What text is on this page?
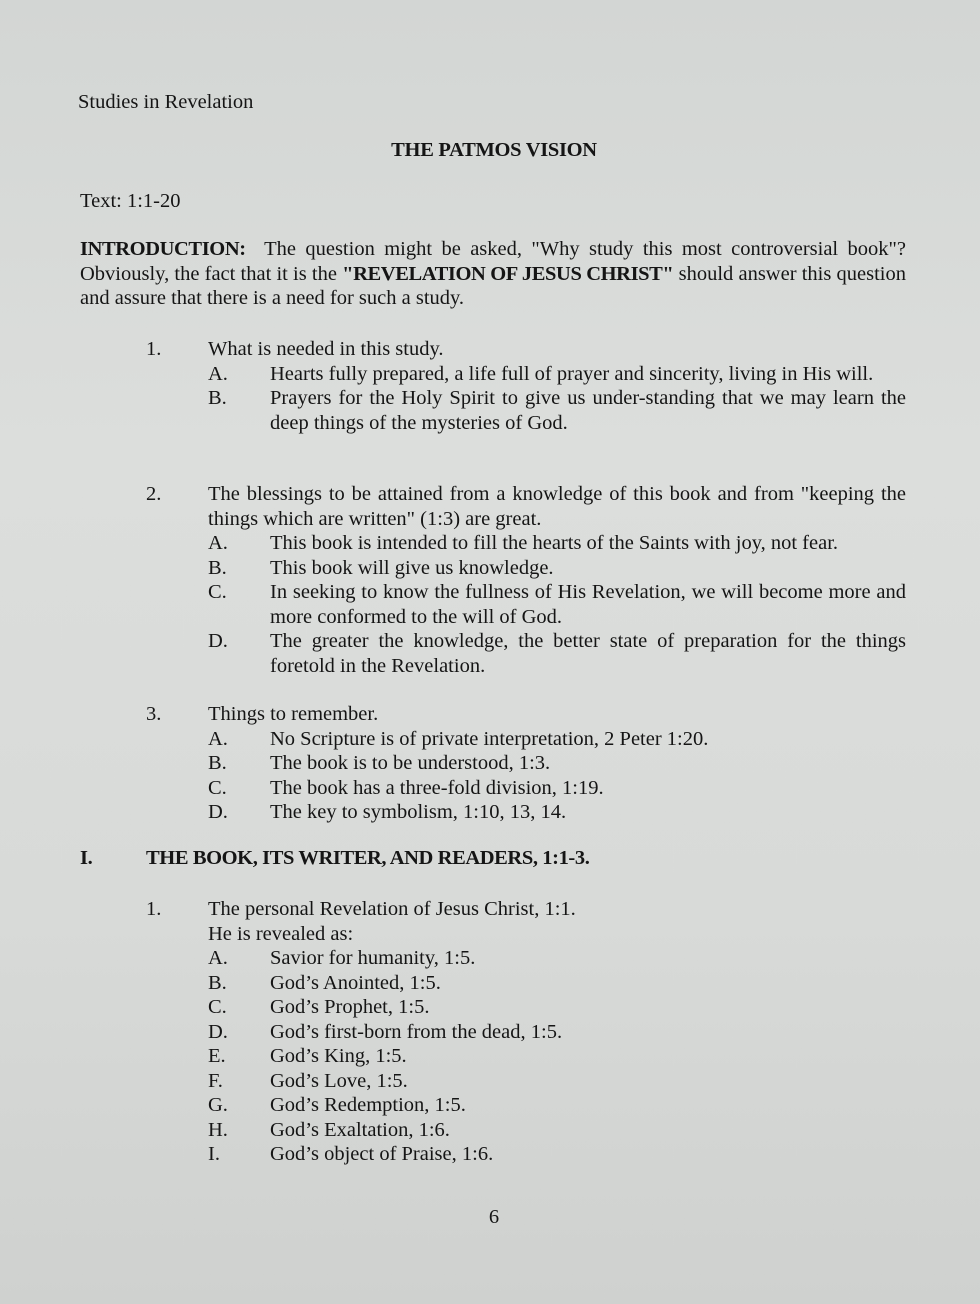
Studies in Revelation
THE PATMOS VISION
Text: 1:1-20
INTRODUCTION:  The question might be asked, "Why study this most controversial book"?  Obviously, the fact that it is the "REVELATION OF JESUS CHRIST" should answer this question and assure that there is a need for such a study.
1.	What is needed in this study.
A.	Hearts fully prepared, a life full of prayer and sincerity, living in His will.
B.	Prayers for the Holy Spirit to give us under-standing that we may learn the deep things of the mysteries of God.
2.	The blessings to be attained from a knowledge of this book and from "keeping the things which are written" (1:3) are great.
A.	This book is intended to fill the hearts of the Saints with joy, not fear.
B.	This book will give us knowledge.
C.	In seeking to know the fullness of His Revelation, we will become more and more conformed to the will of God.
D.	The greater the knowledge, the better state of preparation for the things foretold in the Revelation.
3.	Things to remember.
A.	No Scripture is of private interpretation, 2 Peter 1:20.
B.	The book is to be understood, 1:3.
C.	The book has a three-fold division, 1:19.
D.	The key to symbolism, 1:10, 13, 14.
I.	THE BOOK, ITS WRITER, AND READERS, 1:1-3.
1.	The personal Revelation of Jesus Christ, 1:1.
He is revealed as:
A.	Savior for humanity, 1:5.
B.	God’s Anointed, 1:5.
C.	God’s Prophet, 1:5.
D.	God’s first-born from the dead, 1:5.
E.	God’s King, 1:5.
F.	God’s Love, 1:5.
G.	God’s Redemption, 1:5.
H.	God’s Exaltation, 1:6.
I.	God’s object of Praise, 1:6.
6
